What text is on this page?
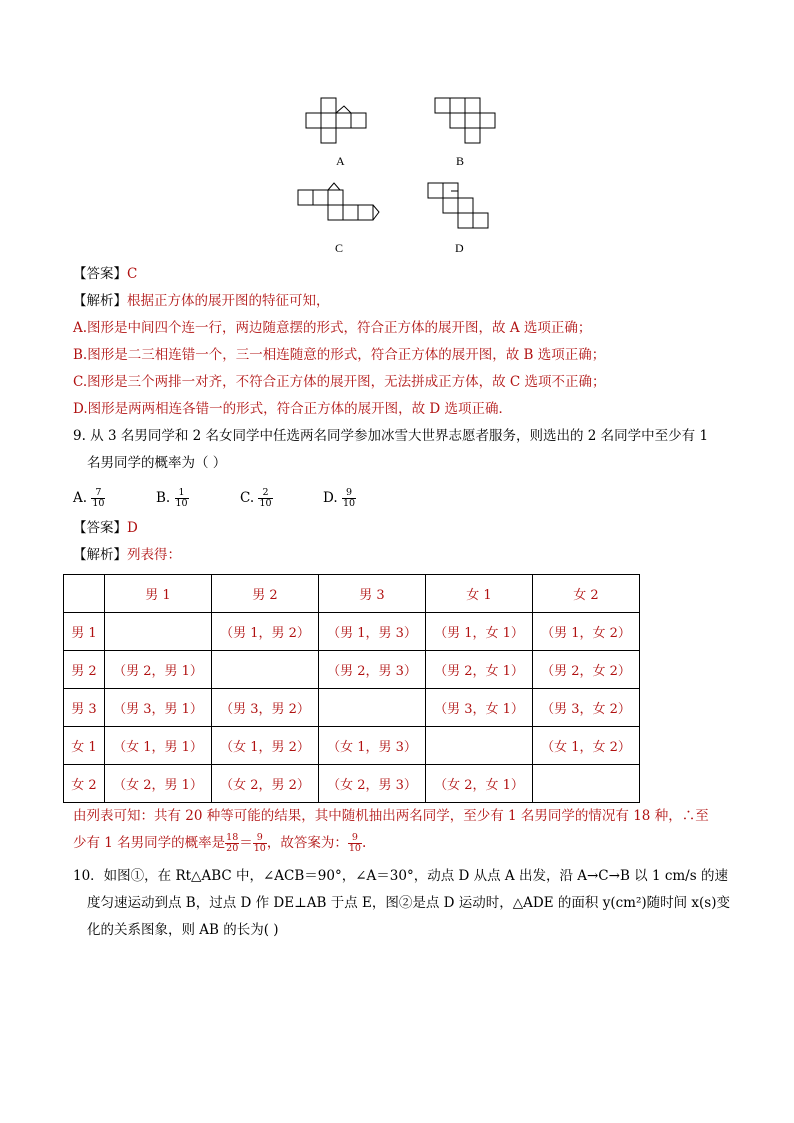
A	B
C	D
【答案】C
【解析】根据正方体的展开图的特征可知，
A.图形是中间四个连一行，两边随意摆的形式，符合正方体的展开图，故 A 选项正确；
B.图形是二三相连错一个，三一相连随意的形式，符合正方体的展开图，故 B 选项正确；
C.图形是三个两排一对齐，不符合正方体的展开图，无法拼成正方体，故 C 选项不正确；
D.图形是两两相连各错一的形式，符合正方体的展开图，故 D 选项正确．
9. 从 3 名男同学和 2 名女同学中任选两名同学参加冰雪大世界志愿者服务，则选出的 2 名同学中至少有 1
名男同学的概率为（ ）
A. $\frac{7}{10}$	B. $\frac{1}{10}$	C. $\frac{2}{10}$	D. $\frac{9}{10}$
【答案】D
【解析】列表得：
	男 1	男 2	男 3	女 1	女 2
男 1		（男 1，男 2）	（男 1，男 3）	（男 1，女 1）	（男 1，女 2）
男 2	（男 2，男 1）		（男 2，男 3）	（男 2，女 1）	（男 2，女 2）
男 3	（男 3，男 1）	（男 3，男 2）		（男 3，女 1）	（男 3，女 2）
女 1	（女 1，男 1）	（女 1，男 2）	（女 1，男 3）		（女 1，女 2）
女 2	（女 2，男 1）	（女 2，男 2）	（女 2，男 3）	（女 2，女 1）	
由列表可知：共有 20 种等可能的结果，其中随机抽出两名同学，至少有 1 名男同学的情况有 18 种，∴至
少有 1 名男同学的概率是 $\frac{18}{20} = \frac{9}{10}$ ，故答案为： $\frac{9}{10}$ .
10．如图①，在 Rt△ABC 中，∠ACB＝90°，∠A＝30°，动点 D 从点 A 出发，沿 A→C→B 以 1 cm/s 的速
度匀速运动到点 B，过点 D 作 DE⊥AB 于点 E，图②是点 D 运动时，△ADE 的面积 y(cm²)随时间 x(s)变
化的关系图象，则 AB 的长为( )
